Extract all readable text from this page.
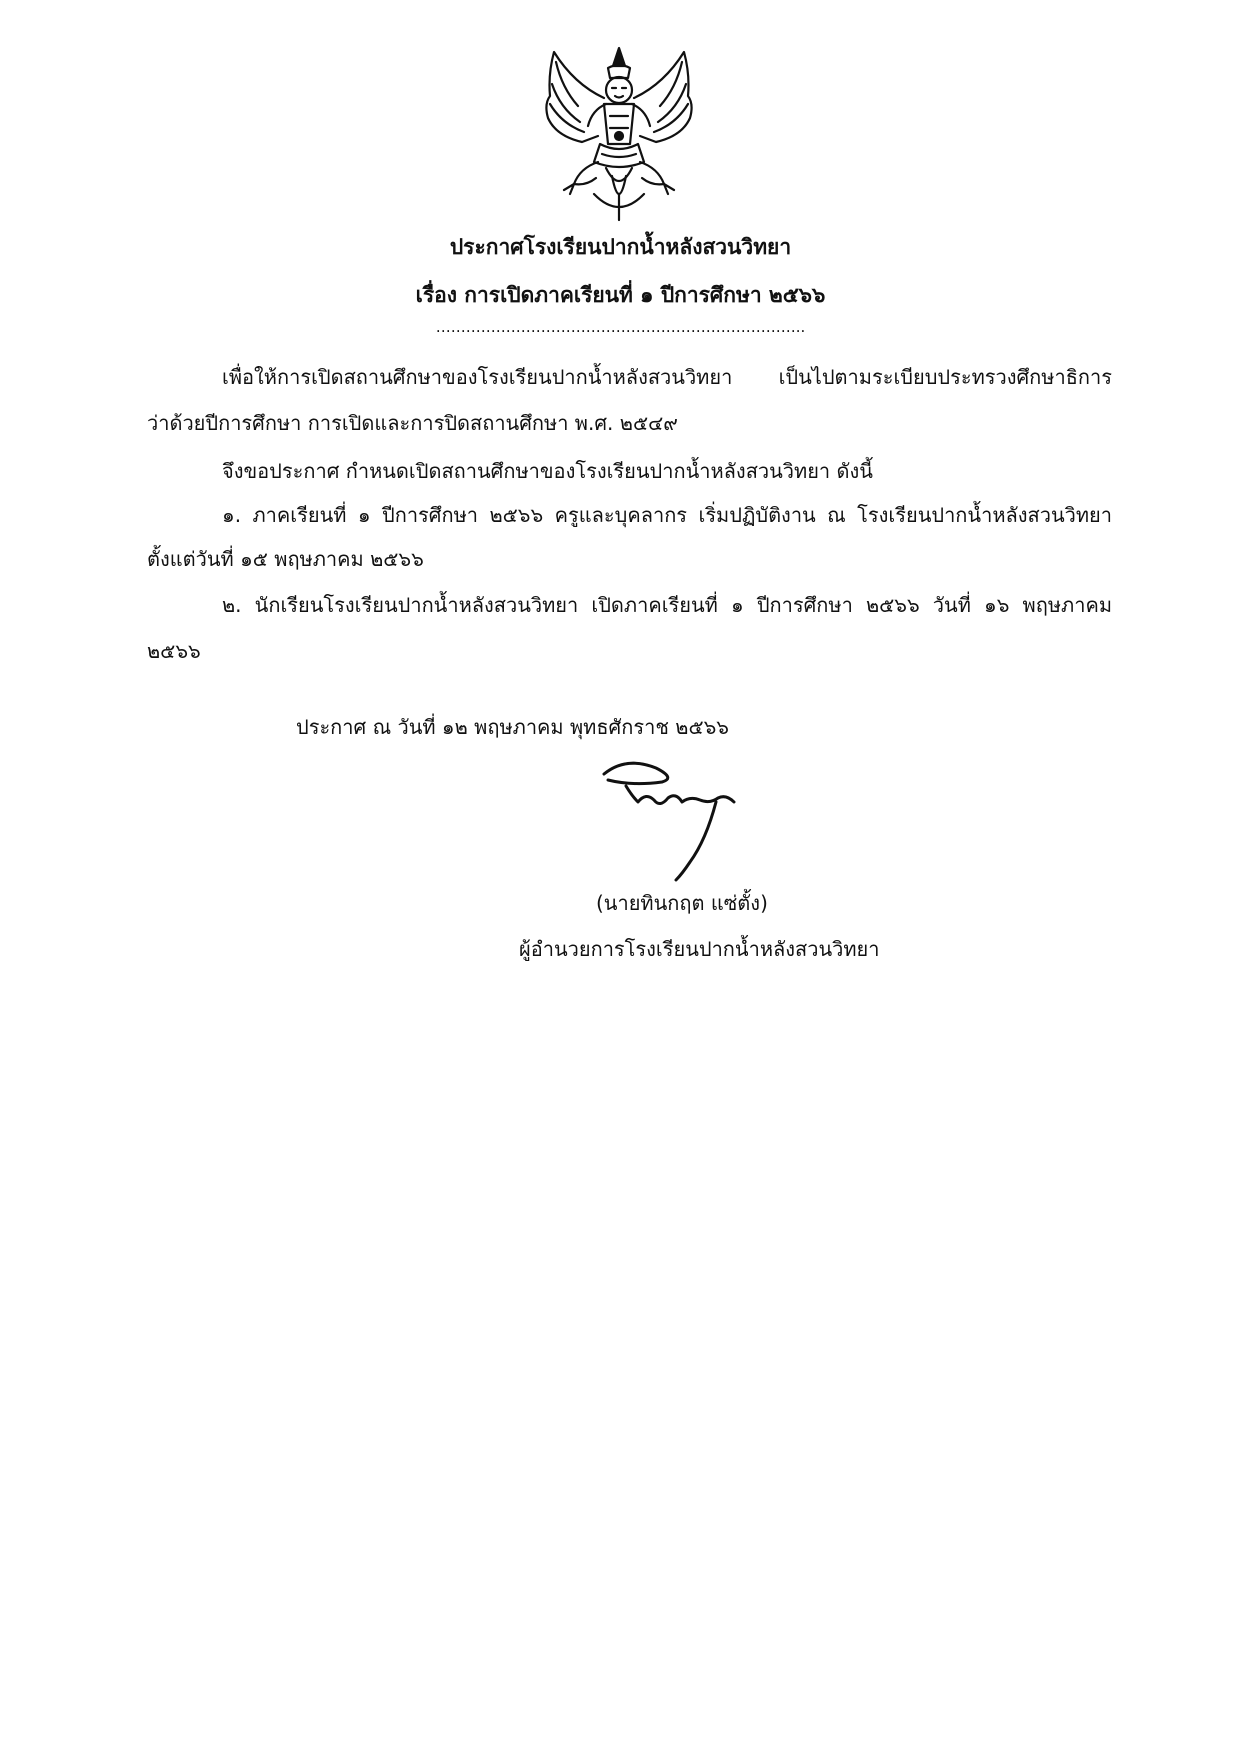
ประกาศโรงเรียนปากน้ำหลังสวนวิทยา
เรื่อง การเปิดภาคเรียนที่ ๑ ปีการศึกษา ๒๕๖๖
………………………………………………………………..
เพื่อให้การเปิดสถานศึกษาของโรงเรียนปากน้ำหลังสวนวิทยา เป็นไปตามระเบียบประทรวงศึกษาธิการ
ว่าด้วยปีการศึกษา การเปิดและการปิดสถานศึกษา พ.ศ. ๒๕๔๙
จึงขอประกาศ กำหนดเปิดสถานศึกษาของโรงเรียนปากน้ำหลังสวนวิทยา ดังนี้
๑. ภาคเรียนที่ ๑ ปีการศึกษา ๒๕๖๖ ครูและบุคลากร เริ่มปฏิบัติงาน ณ โรงเรียนปากน้ำหลังสวนวิทยา
ตั้งแต่วันที่ ๑๕ พฤษภาคม ๒๕๖๖
๒. นักเรียนโรงเรียนปากน้ำหลังสวนวิทยา เปิดภาคเรียนที่ ๑ ปีการศึกษา ๒๕๖๖ วันที่ ๑๖ พฤษภาคม
๒๕๖๖
ประกาศ ณ วันที่ ๑๒ พฤษภาคม พุทธศักราช ๒๕๖๖
(นายทินกฤต แซ่ตั้ง)
ผู้อำนวยการโรงเรียนปากน้ำหลังสวนวิทยา
